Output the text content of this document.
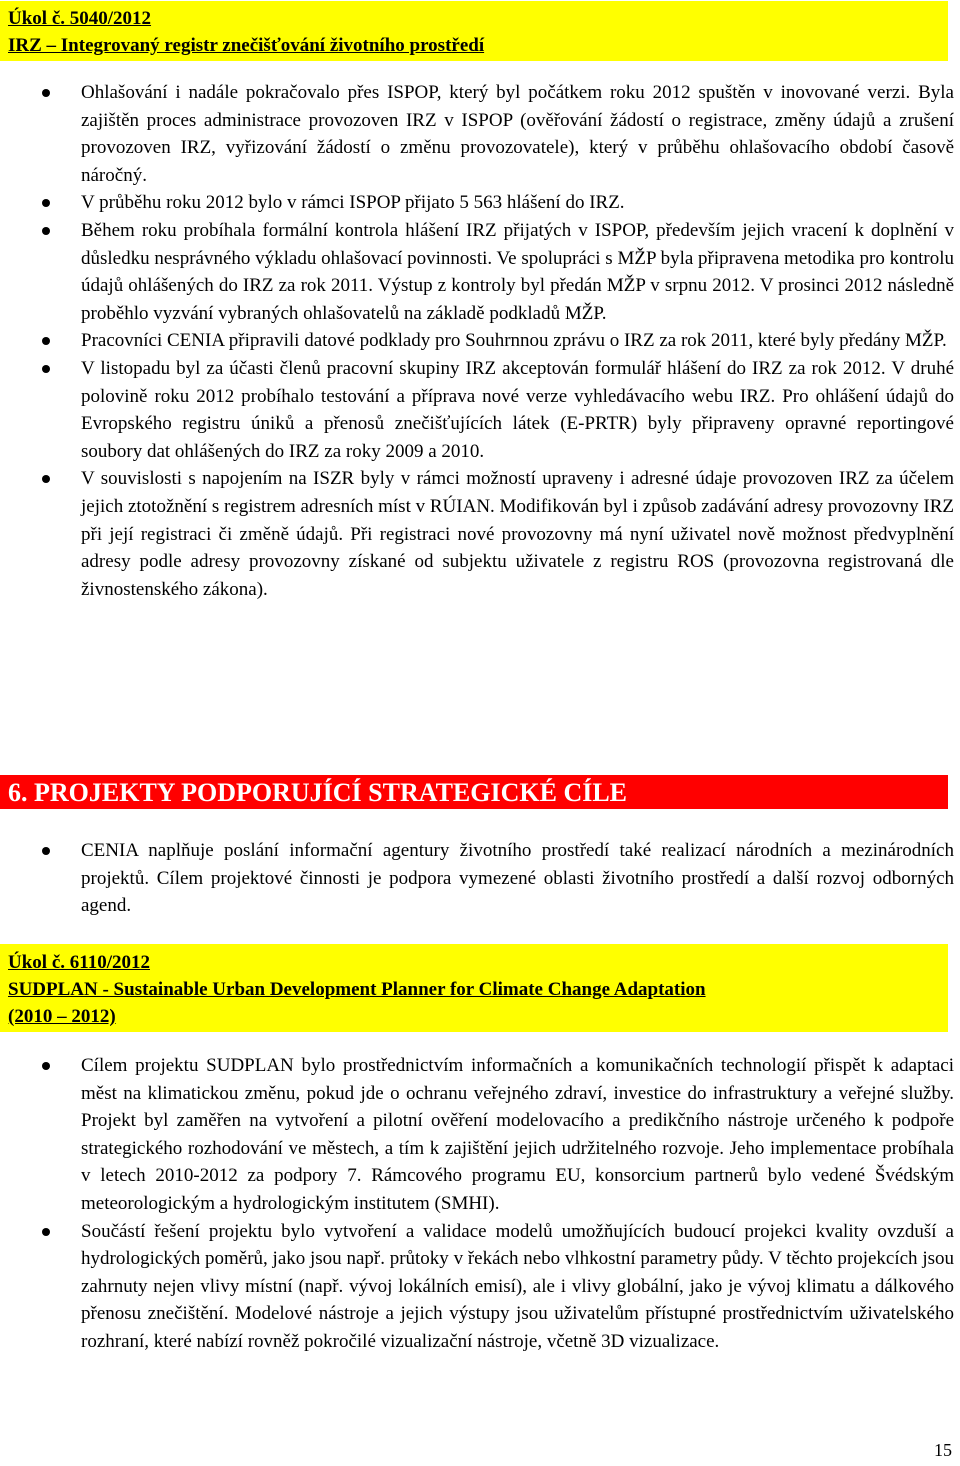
Úkol č. 5040/2012
IRZ – Integrovaný registr znečišťování životního prostředí
Ohlašování i nadále pokračovalo přes ISPOP, který byl počátkem roku 2012 spuštěn v inovované verzi. Byla zajištěn proces administrace provozoven IRZ v ISPOP (ověřování žádostí o registrace, změny údajů a zrušení provozoven IRZ, vyřizování žádostí o změnu provozovatele), který v průběhu ohlašovacího období časově náročný.
V průběhu roku 2012 bylo v rámci ISPOP přijato 5 563 hlášení do IRZ.
Během roku probíhala formální kontrola hlášení IRZ přijatých v ISPOP, především jejich vracení k doplnění v důsledku nesprávného výkladu ohlašovací povinnosti. Ve spolupráci s MŽP byla připravena metodika pro kontrolu údajů ohlášených do IRZ za rok 2011. Výstup z kontroly byl předán MŽP v srpnu 2012. V prosinci 2012 následně proběhlo vyzvání vybraných ohlašovatelů na základě podkladů MŽP.
Pracovníci CENIA připravili datové podklady pro Souhrnnou zprávu o IRZ za rok 2011, které byly předány MŽP.
V listopadu byl za účasti členů pracovní skupiny IRZ akceptován formulář hlášení do IRZ za rok 2012. V druhé polovině roku 2012 probíhalo testování a příprava nové verze vyhledávacího webu IRZ. Pro ohlášení údajů do Evropského registru úniků a přenosů znečišťujících látek (E-PRTR) byly připraveny opravné reportingové soubory dat ohlášených do IRZ za roky 2009 a 2010.
V souvislosti s napojením na ISZR byly v rámci možností upraveny i adresné údaje provozoven IRZ za účelem jejich ztotožnění s registrem adresních míst v RÚIAN. Modifikován byl i způsob zadávání adresy provozovny IRZ při její registraci či změně údajů. Při registraci nové provozovny má nyní uživatel nově možnost předvyplnění adresy podle adresy provozovny získané od subjektu uživatele z registru ROS (provozovna registrovaná dle živnostenského zákona).
6. PROJEKTY PODPORUJÍCÍ STRATEGICKÉ CÍLE
CENIA naplňuje poslání informační agentury životního prostředí také realizací národních a mezinárodních projektů. Cílem projektové činnosti je podpora vymezené oblasti životního prostředí a další rozvoj odborných agend.
Úkol č. 6110/2012
SUDPLAN - Sustainable Urban Development Planner for Climate Change Adaptation
(2010 – 2012)
Cílem projektu SUDPLAN bylo prostřednictvím informačních a komunikačních technologií přispět k adaptaci měst na klimatickou změnu, pokud jde o ochranu veřejného zdraví, investice do infrastruktury a veřejné služby. Projekt byl zaměřen na vytvoření a pilotní ověření modelovacího a predikčního nástroje určeného k podpoře strategického rozhodování ve městech, a tím k zajištění jejich udržitelného rozvoje. Jeho implementace probíhala v letech 2010-2012 za podpory 7. Rámcového programu EU, konsorcium partnerů bylo vedené Švédským meteorologickým a hydrologickým institutem (SMHI).
Součástí řešení projektu bylo vytvoření a validace modelů umožňujících budoucí projekci kvality ovzduší a hydrologických poměrů, jako jsou např. průtoky v řekách nebo vlhkostní parametry půdy. V těchto projekcích jsou zahrnuty nejen vlivy místní (např. vývoj lokálních emisí), ale i vlivy globální, jako je vývoj klimatu a dálkového přenosu znečištění. Modelové nástroje a jejich výstupy jsou uživatelům přístupné prostřednictvím uživatelského rozhraní, které nabízí rovněž pokročilé vizualizační nástroje, včetně 3D vizualizace.
15
